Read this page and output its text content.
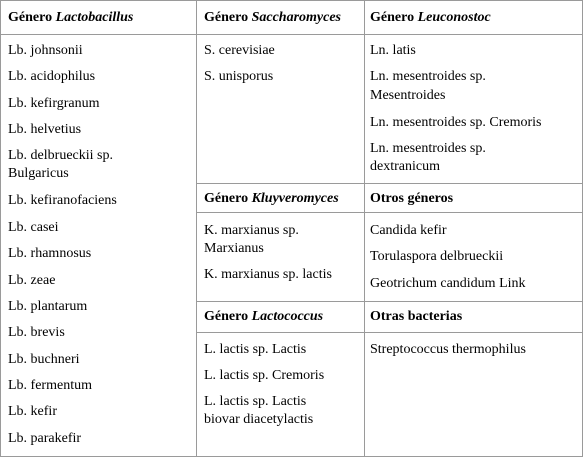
Género Lactobacillus	Género Saccharomyces Género Leuconostoc
Género Kluyveromyces Otros géneros
Género Lactococcus	Otras bacterias
Lb. johnsonii
Lb. acidophilus
Lb. kefirgranum
Lb. helvetius
Lb. delbrueckii sp.
Bulgaricus
Lb. kefiranofaciens
Lb. casei
Lb. rhamnosus
Lb. zeae
Lb. plantarum
Lb. brevis
Lb. buchneri
Lb. fermentum
Lb. kefir
Lb. parakefir
S. cerevisiae
S. unisporus
Ln. latis
Ln. mesentroides sp.
Mesentroides
Ln. mesentroides sp. Cremoris
Ln. mesentroides sp.
dextranicum
K. marxianus sp.
Marxianus
K. marxianus sp. lactis
Candida kefir
Torulaspora delbrueckii
Geotrichum candidum Link
L. lactis sp. Lactis
L. lactis sp. Cremoris
L. lactis sp. Lactis
biovar diacetylactis
Streptococcus thermophilus
